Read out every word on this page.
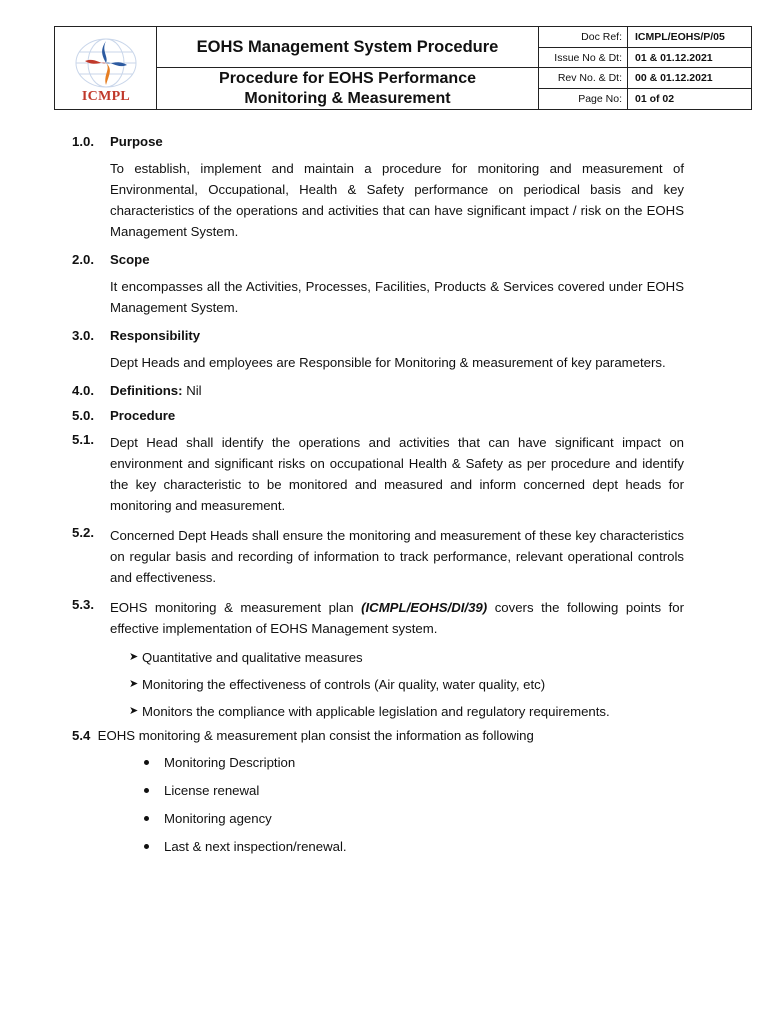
ICMPL
EOHS Management System Procedure
Procedure for EOHS Performance
Monitoring & Measurement
Doc Ref:	ICMPL/EOHS/P/05
Issue No & Dt:	01 & 01.12.2021
Rev No. & Dt:	00 & 01.12.2021
Page No:	01 of 02
1.0. Purpose
To establish, implement and maintain a procedure for monitoring and measurement of Environmental, Occupational, Health & Safety performance on periodical basis and key characteristics of the operations and activities that can have significant impact / risk on the EOHS Management System.
2.0. Scope
It encompasses all the Activities, Processes, Facilities, Products & Services covered under EOHS Management System.
3.0. Responsibility
Dept Heads and employees are Responsible for Monitoring & measurement of key parameters.
4.0. Definitions: Nil
5.0. Procedure
5.1. Dept Head shall identify the operations and activities that can have significant impact on environment and significant risks on occupational Health & Safety as per procedure and identify the key characteristic to be monitored and measured and inform concerned dept heads for monitoring and measurement.
5.2. Concerned Dept Heads shall ensure the monitoring and measurement of these key characteristics on regular basis and recording of information to track performance, relevant operational controls and effectiveness.
5.3. EOHS monitoring & measurement plan (ICMPL/EOHS/DI/39) covers the following points for effective implementation of EOHS Management system.
➤ Quantitative and qualitative measures
➤ Monitoring the effectiveness of controls (Air quality, water quality, etc)
➤ Monitors the compliance with applicable legislation and regulatory requirements.
5.4 EOHS monitoring & measurement plan consist the information as following
Monitoring Description
License renewal
Monitoring agency
Last & next inspection/renewal.
